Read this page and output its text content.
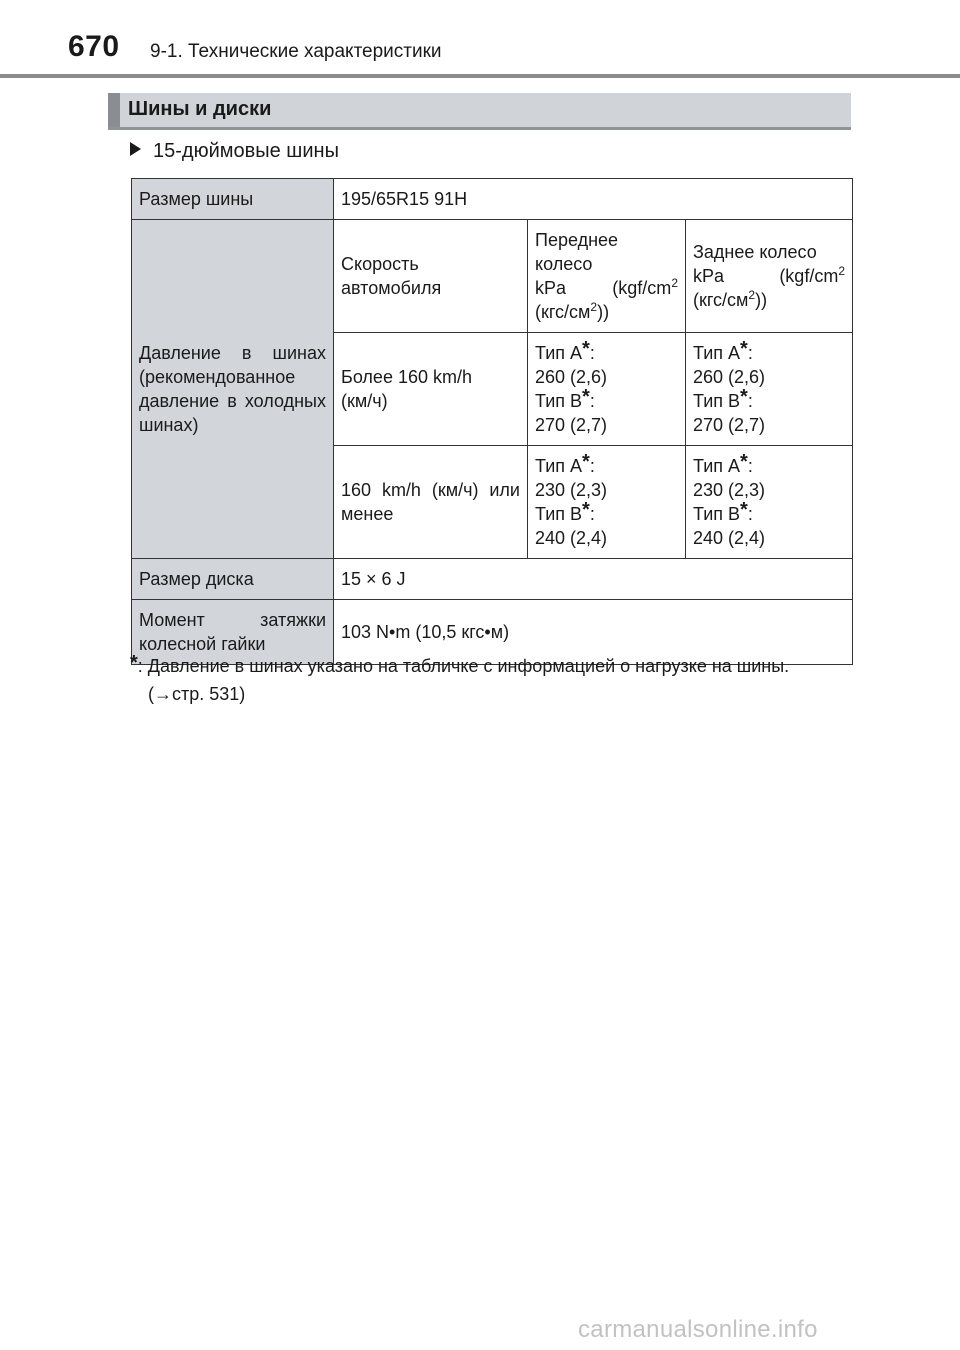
670 9-1. Технические характеристики
Шины и диски
15-дюймовые шины
Размер шины	195/65R15 91H		

Давление в шинах
(рекомендованное
давление в холодных
шинах)	Скорость
автомобиля	Переднее
колесо
kPa ($kgf/cm^2$
$(кгс/см^2)$)	Заднее колесо
kPa ($kgf/cm^2$
$(кгс/см^2)$)

	Более 160 km/h
(км/ч)	Тип A*:
260 (2,6)
Тип B*:
270 (2,7)	Тип A*:
260 (2,6)
Тип B*:
270 (2,7)

	160 km/h (км/ч) или
менее	Тип A*:
230 (2,3)
Тип B*:
240 (2,4)	Тип A*:
230 (2,3)
Тип B*:
240 (2,4)

Размер диска	15 × 6 J		

Момент затяжки
колесной гайки	103 N•m (10,5 кгс•м)		
*: Давление в шинах указано на табличке с информацией о нагрузке на шины.
(→стр. 531)
carmanualsonline.info
